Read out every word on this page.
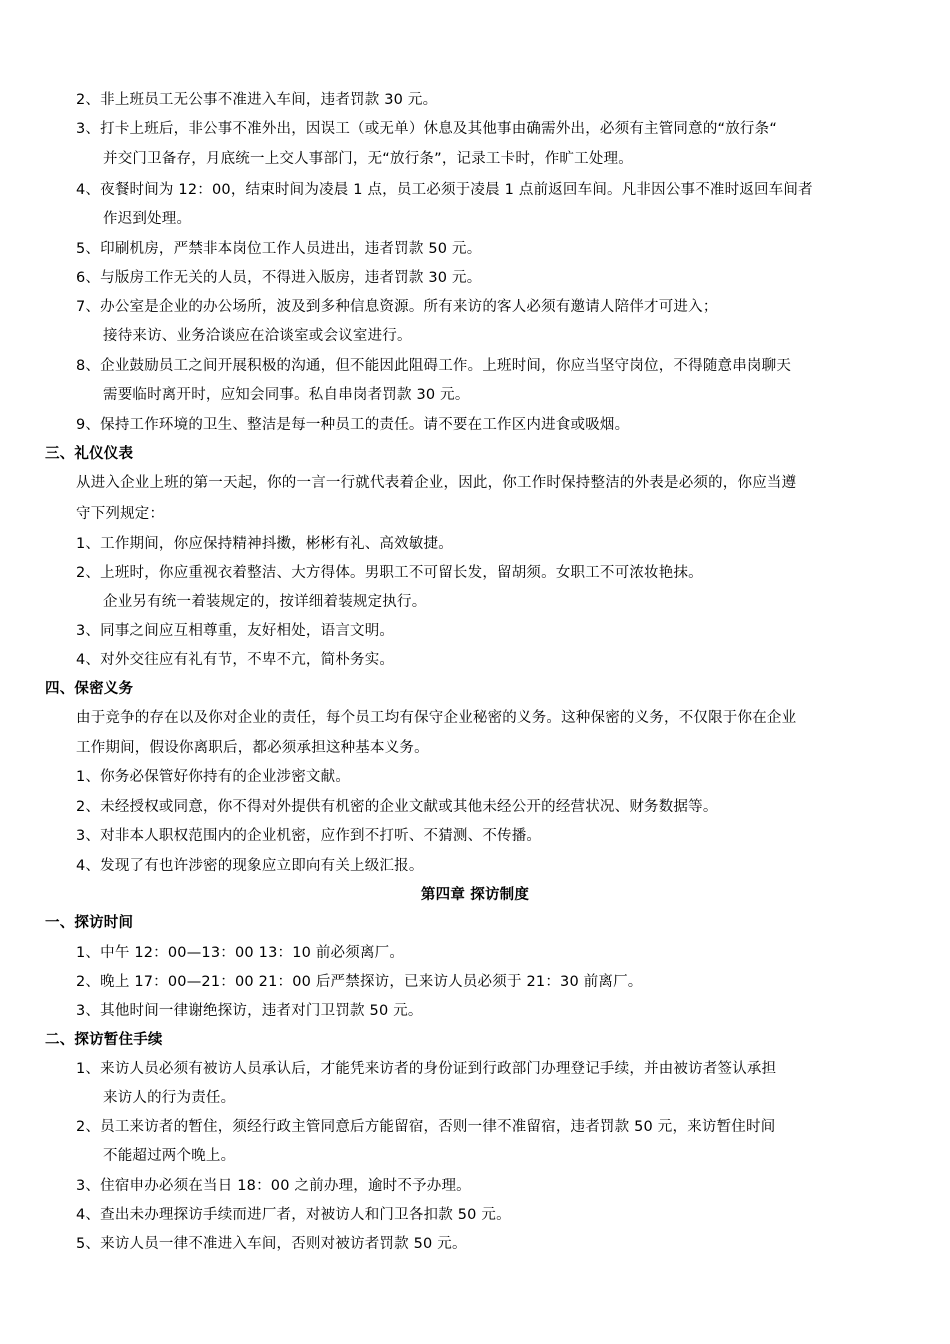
2、非上班员工无公事不准进入车间，违者罚款 30 元。
3、打卡上班后，非公事不准外出，因误工（或无单）休息及其他事由确需外出，必须有主管同意的“放行条“
并交门卫备存，月底统一上交人事部门，无“放行条”，记录工卡时，作旷工处理。
4、夜餐时间为 12：00，结束时间为凌晨 1 点，员工必须于凌晨 1 点前返回车间。凡非因公事不准时返回车间者
作迟到处理。
5、印刷机房，严禁非本岗位工作人员进出，违者罚款 50 元。
6、与版房工作无关的人员，不得进入版房，违者罚款 30 元。
7、办公室是企业的办公场所，波及到多种信息资源。所有来访的客人必须有邀请人陪伴才可进入；
接待来访、业务洽谈应在洽谈室或会议室进行。
8、企业鼓励员工之间开展积极的沟通，但不能因此阻碍工作。上班时间，你应当坚守岗位，不得随意串岗聊天
需要临时离开时，应知会同事。私自串岗者罚款 30 元。
9、保持工作环境的卫生、整洁是每一种员工的责任。请不要在工作区内进食或吸烟。
三、礼仪仪表
从进入企业上班的第一天起，你的一言一行就代表着企业，因此，你工作时保持整洁的外表是必须的，你应当遵
守下列规定：
1、工作期间，你应保持精神抖擞，彬彬有礼、高效敏捷。
2、上班时，你应重视衣着整洁、大方得体。男职工不可留长发，留胡须。女职工不可浓妆艳抹。
企业另有统一着装规定的，按详细着装规定执行。
3、同事之间应互相尊重，友好相处，语言文明。
4、对外交往应有礼有节，不卑不亢，简朴务实。
四、保密义务
由于竞争的存在以及你对企业的责任，每个员工均有保守企业秘密的义务。这种保密的义务，不仅限于你在企业
工作期间，假设你离职后，都必须承担这种基本义务。
1、你务必保管好你持有的企业涉密文献。
2、未经授权或同意，你不得对外提供有机密的企业文献或其他未经公开的经营状况、财务数据等。
3、对非本人职权范围内的企业机密，应作到不打听、不猜测、不传播。
4、发现了有也许涉密的现象应立即向有关上级汇报。
第四章 探访制度
一、探访时间
1、中午 12：00—13：00 13：10 前必须离厂。
2、晚上 17：00—21：00 21：00 后严禁探访，已来访人员必须于 21：30 前离厂。
3、其他时间一律谢绝探访，违者对门卫罚款 50 元。
二、探访暂住手续
1、来访人员必须有被访人员承认后，才能凭来访者的身份证到行政部门办理登记手续，并由被访者签认承担
来访人的行为责任。
2、员工来访者的暂住，须经行政主管同意后方能留宿，否则一律不准留宿，违者罚款 50 元，来访暂住时间
不能超过两个晚上。
3、住宿申办必须在当日 18：00 之前办理，逾时不予办理。
4、查出未办理探访手续而进厂者，对被访人和门卫各扣款 50 元。
5、来访人员一律不准进入车间，否则对被访者罚款 50 元。
